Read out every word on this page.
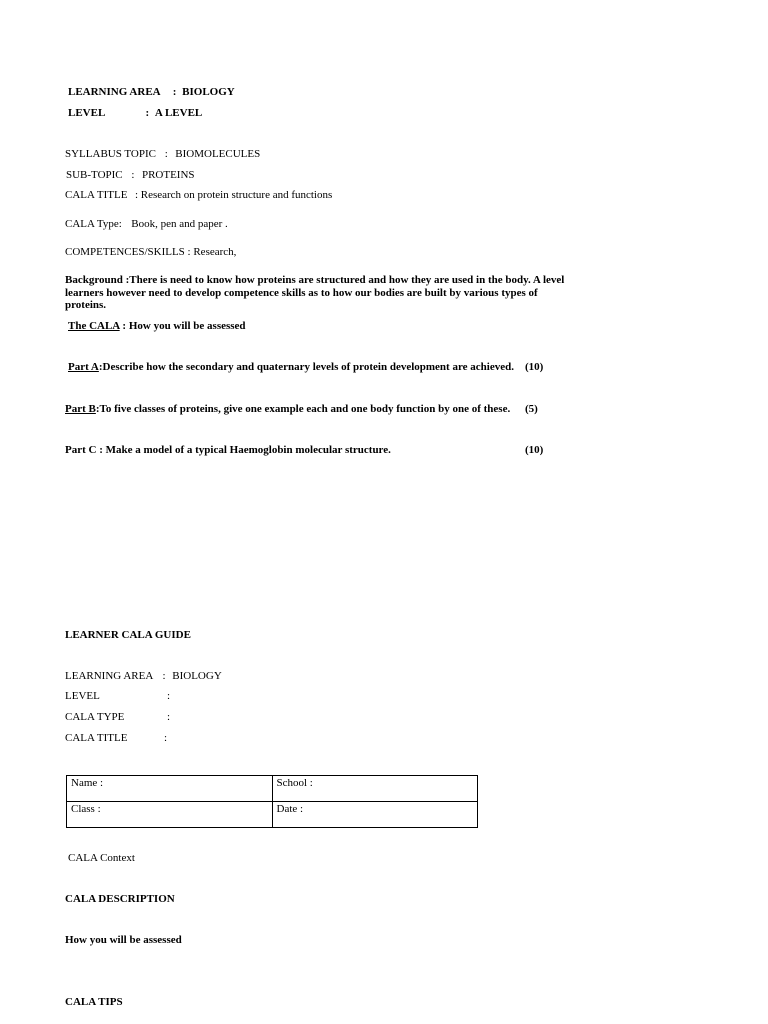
LEARNING AREA : BIOLOGY
LEVEL	: A LEVEL
SYLLABUS TOPIC :  BIOMOLECULES
SUB-TOPIC :  PROTEINS
CALA TITLE : Research on protein structure and functions
CALA Type: Book, pen and paper .
COMPETENCES/SKILLS : Research,
Background :There is need to know how proteins are structured and how they are used in the body. A level learners however need to develop competence skills as to how our bodies are built by various types of proteins.
The CALA : How you will be assessed
Part A:Describe how the secondary and quaternary levels of protein development are achieved. (10)
Part B:To five classes of proteins, give one example each and one body function by one of these. (5)
Part C : Make a model of a typical Haemoglobin molecular structure.	(10)
LEARNER CALA GUIDE
LEARNING AREA : BIOLOGY
LEVEL	:
CALA TYPE	:
CALA TITLE	:
Name :	School :
Class :	Date :
CALA Context
CALA DESCRIPTION
How you will be assessed
CALA TIPS
